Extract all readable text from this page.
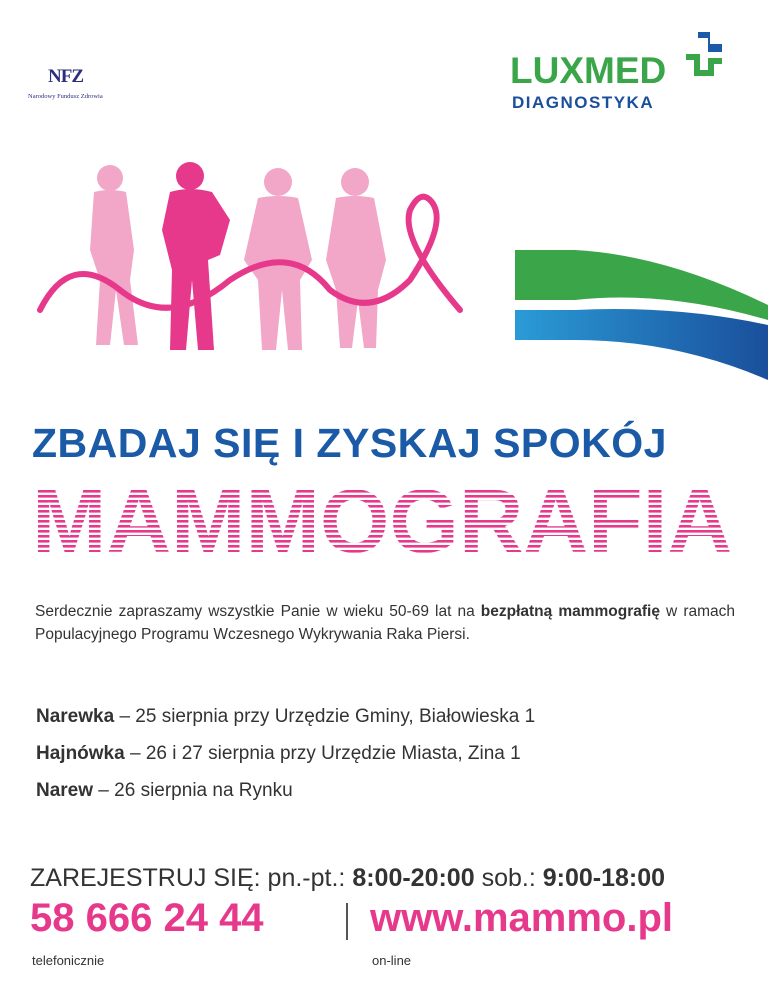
NFZ
Narodowy Fundusz Zdrowia
LUXMED
DIAGNOSTYKA
ZBADAJ SIĘ I ZYSKAJ SPOKÓJ
MAMMOGRAFIA
Serdecznie zapraszamy wszystkie Panie w wieku 50-69 lat na bezpłatną mammografię w ramach Populacyjnego Programu Wczesnego Wykrywania Raka Piersi.
Narewka – 25 sierpnia przy Urzędzie Gminy, Białowieska 1
Hajnówka – 26 i 27 sierpnia przy Urzędzie Miasta, Zina 1
Narew – 26 sierpnia na Rynku
ZAREJESTRUJ SIĘ: pn.-pt.: 8:00-20:00 sob.: 9:00-18:00
58 666 24 44	www.mammo.pl
telefonicznie	on-line
